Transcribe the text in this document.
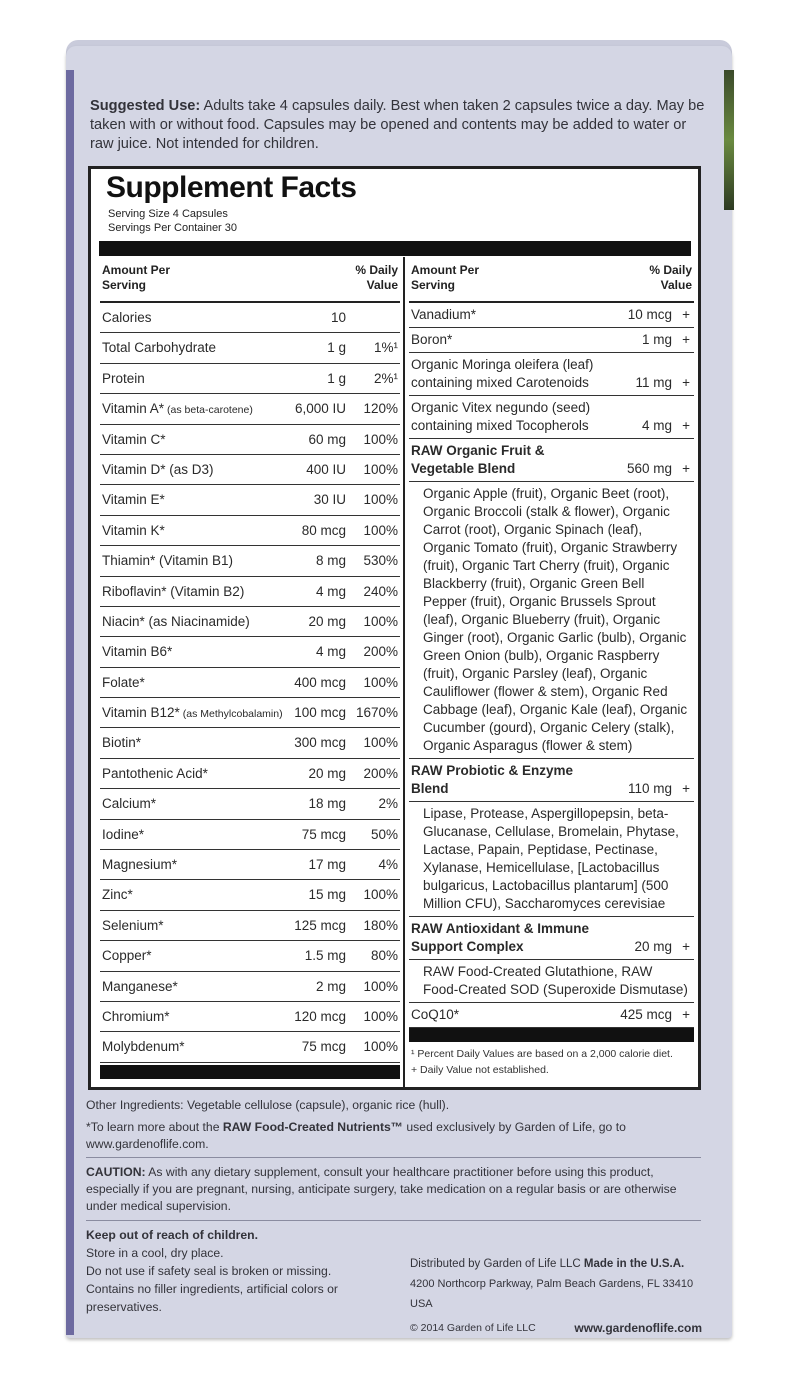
Suggested Use: Adults take 4 capsules daily. Best when taken 2 capsules twice a day. May be taken with or without food. Capsules may be opened and contents may be added to water or raw juice. Not intended for children.
Supplement Facts
Serving Size 4 Capsules
Servings Per Container 30
Amount Per
Serving
% Daily
Value
Calories	10
Total Carbohydrate	1 g 1%¹
Protein	1 g 2%¹
Vitamin A* (as beta-carotene)	6,000 IU 120%
Vitamin C*	60 mg 100%
Vitamin D* (as D3)	400 IU 100%
Vitamin E*	30 IU 100%
Vitamin K*	80 mcg 100%
Thiamin* (Vitamin B1)	8 mg 530%
Riboflavin* (Vitamin B2)	4 mg 240%
Niacin* (as Niacinamide)	20 mg 100%
Vitamin B6*	4 mg 200%
Folate*	400 mcg 100%
Vitamin B12* (as Methylcobalamin) 100 mcg 1670%
Biotin*	300 mcg 100%
Pantothenic Acid*	20 mg 200%
Calcium*	18 mg 2%
Iodine*	75 mcg 50%
Magnesium*	17 mg 4%
Zinc*	15 mg 100%
Selenium*	125 mcg 180%
Copper*	1.5 mg 80%
Manganese*	2 mg 100%
Chromium*	120 mcg 100%
Molybdenum*	75 mcg 100%
Amount Per
Serving
% Daily
Value
Vanadium*	10 mcg +
Boron*	1 mg +
Organic Moringa oleifera (leaf) containing mixed Carotenoids	11 mg +
Organic Vitex negundo (seed) containing mixed Tocopherols	4 mg +
RAW Organic Fruit & Vegetable Blend	560 mg +
Organic Apple (fruit), Organic Beet (root), Organic Broccoli (stalk & flower), Organic Carrot (root), Organic Spinach (leaf), Organic Tomato (fruit), Organic Strawberry (fruit), Organic Tart Cherry (fruit), Organic Blackberry (fruit), Organic Green Bell Pepper (fruit), Organic Brussels Sprout (leaf), Organic Blueberry (fruit), Organic Ginger (root), Organic Garlic (bulb), Organic Green Onion (bulb), Organic Raspberry (fruit), Organic Parsley (leaf), Organic Cauliflower (flower & stem), Organic Red Cabbage (leaf), Organic Kale (leaf), Organic Cucumber (gourd), Organic Celery (stalk), Organic Asparagus (flower & stem)
RAW Probiotic & Enzyme Blend	110 mg +
Lipase, Protease, Aspergillopepsin, beta-Glucanase, Cellulase, Bromelain, Phytase, Lactase, Papain, Peptidase, Pectinase, Xylanase, Hemicellulase, [Lactobacillus bulgaricus, Lactobacillus plantarum] (500 Million CFU), Saccharomyces cerevisiae
RAW Antioxidant & Immune Support Complex	20 mg +
RAW Food-Created Glutathione, RAW Food-Created SOD (Superoxide Dismutase)
CoQ10*	425 mcg +
¹ Percent Daily Values are based on a 2,000 calorie diet.
+ Daily Value not established.
Other Ingredients: Vegetable cellulose (capsule), organic rice (hull).
*To learn more about the RAW Food-Created Nutrients™ used exclusively by Garden of Life, go to www.gardenoflife.com.
CAUTION: As with any dietary supplement, consult your healthcare practitioner before using this product, especially if you are pregnant, nursing, anticipate surgery, take medication on a regular basis or are otherwise under medical supervision.
Keep out of reach of children.
Store in a cool, dry place.
Do not use if safety seal is broken or missing.
Contains no filler ingredients, artificial colors or preservatives.
Distributed by Garden of Life LLC Made in the U.S.A.
4200 Northcorp Parkway, Palm Beach Gardens, FL 33410 USA
© 2014 Garden of Life LLC	www.gardenoflife.com
